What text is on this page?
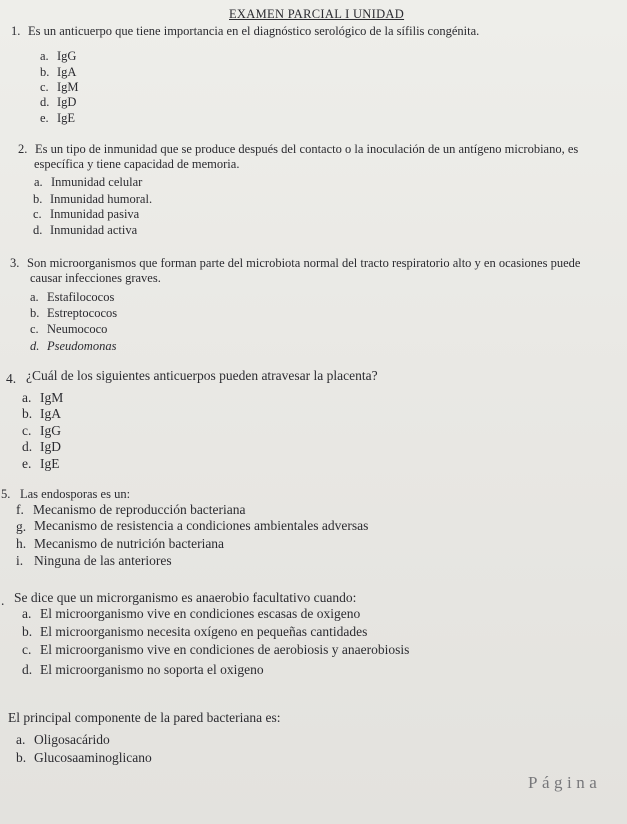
EXAMEN PARCIAL I UNIDAD
1. Es un anticuerpo que tiene importancia en el diagnóstico serológico de la sífilis congénita.
a. IgG
b. IgA
c. IgM
d. IgD
e. IgE
2. Es un tipo de inmunidad que se produce después del contacto o la inoculación de un antígeno microbiano, es
específica y tiene capacidad de memoria.
a. Inmunidad celular
b. Inmunidad humoral.
c. Inmunidad pasiva
d. Inmunidad activa
3. Son microorganismos que forman parte del microbiota normal del tracto respiratorio alto y en ocasiones puede
causar infecciones graves.
a. Estafilococos
b. Estreptococos
c. Neumococo
d. Pseudomonas
4. ¿Cuál de los siguientes anticuerpos pueden atravesar la placenta?
a. IgM
b. IgA
c. IgG
d. IgD
e. IgE
5. Las endosporas es un:
f. Mecanismo de reproducción bacteriana
g. Mecanismo de resistencia a condiciones ambientales adversas
h. Mecanismo de nutrición bacteriana
i. Ninguna de las anteriores
. Se dice que un microrganismo es anaerobio facultativo cuando:
a. El microorganismo vive en condiciones escasas de oxigeno
b. El microorganismo necesita oxígeno en pequeñas cantidades
c. El microorganismo vive en condiciones de aerobiosis y anaerobiosis
d. El microorganismo no soporta el oxigeno
El principal componente de la pared bacteriana es:
a. Oligosacárido
b. Glucosaaminoglicano
Página
